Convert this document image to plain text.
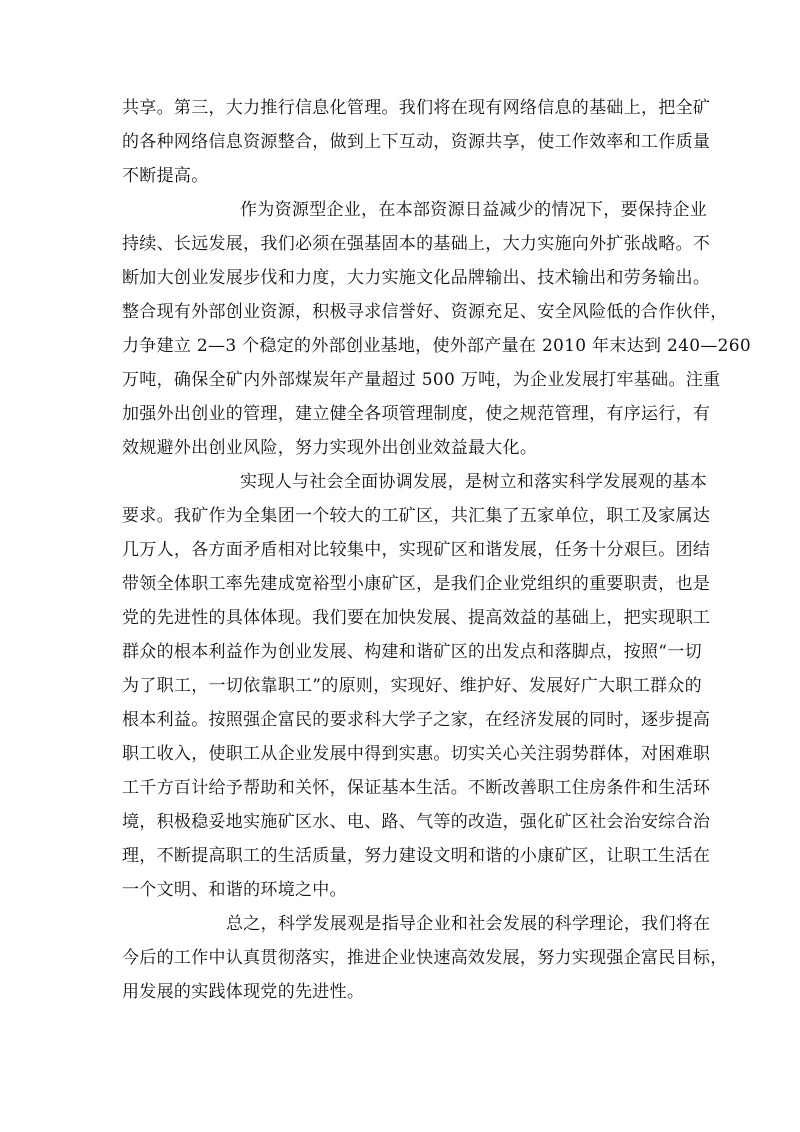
共享。第三，大力推行信息化管理。我们将在现有网络信息的基础上，把全矿
的各种网络信息资源整合，做到上下互动，资源共享，使工作效率和工作质量
不断提高。
作为资源型企业，在本部资源日益减少的情况下，要保持企业
持续、长远发展，我们必须在强基固本的基础上，大力实施向外扩张战略。不
断加大创业发展步伐和力度，大力实施文化品牌输出、技术输出和劳务输出。
整合现有外部创业资源，积极寻求信誉好、资源充足、安全风险低的合作伙伴，
力争建立 2—3 个稳定的外部创业基地，使外部产量在 2010 年末达到 240—260
万吨，确保全矿内外部煤炭年产量超过 500 万吨，为企业发展打牢基础。注重
加强外出创业的管理，建立健全各项管理制度，使之规范管理，有序运行，有
效规避外出创业风险，努力实现外出创业效益最大化。
实现人与社会全面协调发展，是树立和落实科学发展观的基本
要求。我矿作为全集团一个较大的工矿区，共汇集了五家单位，职工及家属达
几万人，各方面矛盾相对比较集中，实现矿区和谐发展，任务十分艰巨。团结
带领全体职工率先建成宽裕型小康矿区，是我们企业党组织的重要职责，也是
党的先进性的具体体现。我们要在加快发展、提高效益的基础上，把实现职工
群众的根本利益作为创业发展、构建和谐矿区的出发点和落脚点，按照“一切
为了职工，一切依靠职工”的原则，实现好、维护好、发展好广大职工群众的
根本利益。按照强企富民的要求科大学子之家，在经济发展的同时，逐步提高
职工收入，使职工从企业发展中得到实惠。切实关心关注弱势群体，对困难职
工千方百计给予帮助和关怀，保证基本生活。不断改善职工住房条件和生活环
境，积极稳妥地实施矿区水、电、路、气等的改造，强化矿区社会治安综合治
理，不断提高职工的生活质量，努力建设文明和谐的小康矿区，让职工生活在
一个文明、和谐的环境之中。
总之，科学发展观是指导企业和社会发展的科学理论，我们将在
今后的工作中认真贯彻落实，推进企业快速高效发展，努力实现强企富民目标，
用发展的实践体现党的先进性。
